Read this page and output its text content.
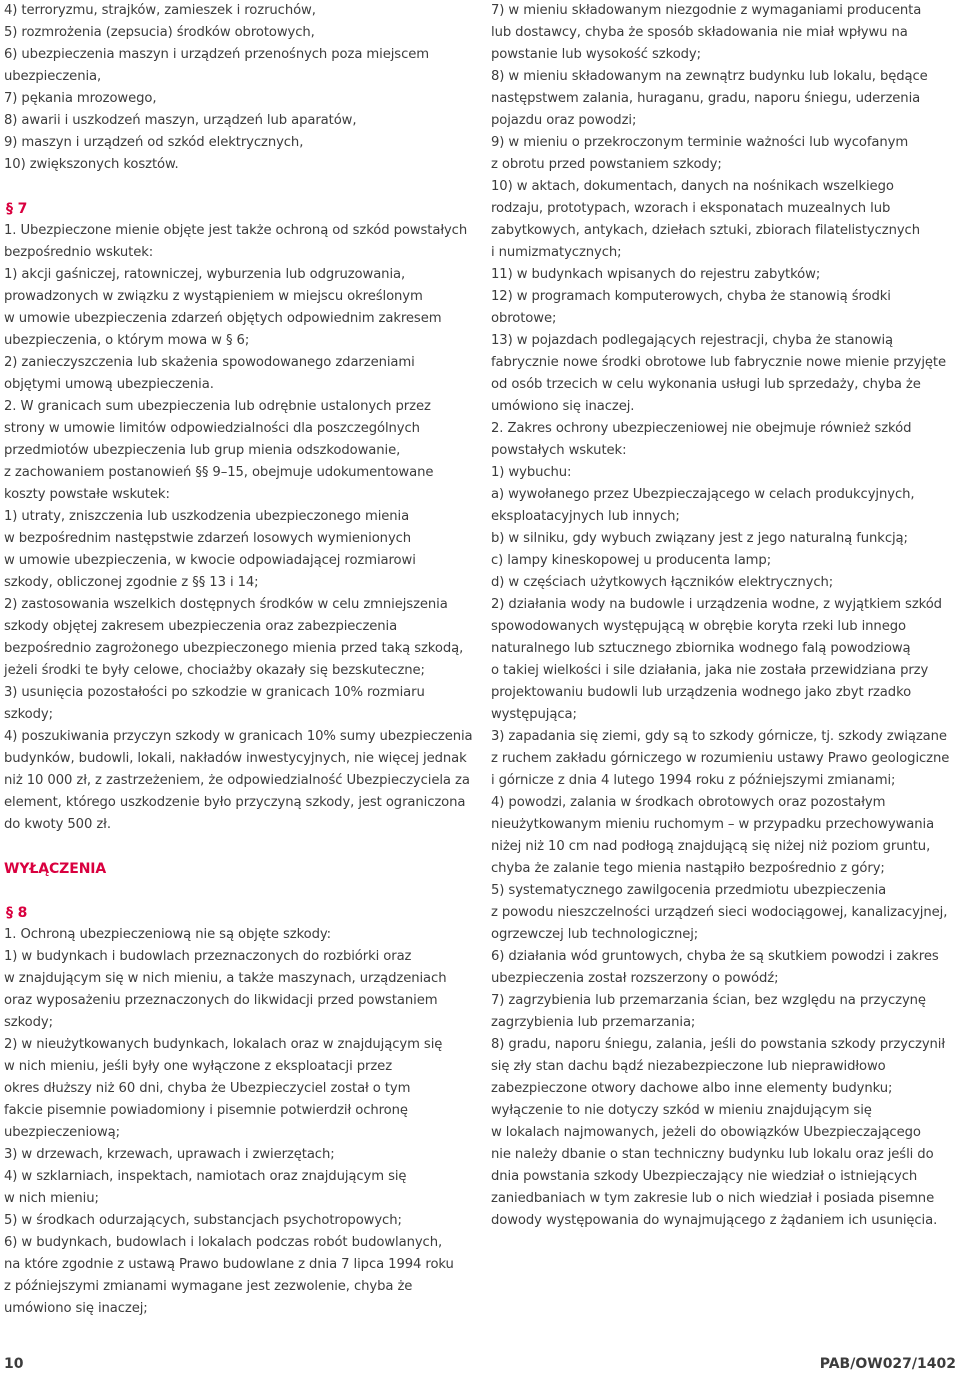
4) terroryzmu, strajków, zamieszek i rozruchów,
5) rozmrożenia (zepsucia) środków obrotowych,
6) ubezpieczenia maszyn i urządzeń przenośnych poza miejscem
ubezpieczenia,
7) pękania mrozowego,
8) awarii i uszkodzeń maszyn, urządzeń lub aparatów,
9) maszyn i urządzeń od szkód elektrycznych,
10) zwiększonych kosztów.
§ 7
1. Ubezpieczone mienie objęte jest także ochroną od szkód powstałych
bezpośrednio wskutek:
1) akcji gaśniczej, ratowniczej, wyburzenia lub odgruzowania,
prowadzonych w związku z wystąpieniem w miejscu określonym
w umowie ubezpieczenia zdarzeń objętych odpowiednim zakresem
ubezpieczenia, o którym mowa w § 6;
2) zanieczyszczenia lub skażenia spowodowanego zdarzeniami
objętymi umową ubezpieczenia.
2. W granicach sum ubezpieczenia lub odrębnie ustalonych przez
strony w umowie limitów odpowiedzialności dla poszczególnych
przedmiotów ubezpieczenia lub grup mienia odszkodowanie,
z zachowaniem postanowień §§ 9–15, obejmuje udokumentowane
koszty powstałe wskutek:
1) utraty, zniszczenia lub uszkodzenia ubezpieczonego mienia
w bezpośrednim następstwie zdarzeń losowych wymienionych
w umowie ubezpieczenia, w kwocie odpowiadającej rozmiarowi
szkody, obliczonej zgodnie z §§ 13 i 14;
2) zastosowania wszelkich dostępnych środków w celu zmniejszenia
szkody objętej zakresem ubezpieczenia oraz zabezpieczenia
bezpośrednio zagrożonego ubezpieczonego mienia przed taką szkodą,
jeżeli środki te były celowe, chociażby okazały się bezskuteczne;
3) usunięcia pozostałości po szkodzie w granicach 10% rozmiaru
szkody;
4) poszukiwania przyczyn szkody w granicach 10% sumy ubezpieczenia
budynków, budowli, lokali, nakładów inwestycyjnych, nie więcej jednak
niż 10 000 zł, z zastrzeżeniem, że odpowiedzialność Ubezpieczyciela za
element, którego uszkodzenie było przyczyną szkody, jest ograniczona
do kwoty 500 zł.
WYŁĄCZENIA
§ 8
1. Ochroną ubezpieczeniową nie są objęte szkody:
1) w budynkach i budowlach przeznaczonych do rozbiórki oraz
w znajdującym się w nich mieniu, a także maszynach, urządzeniach
oraz wyposażeniu przeznaczonych do likwidacji przed powstaniem
szkody;
2) w nieużytkowanych budynkach, lokalach oraz w znajdującym się
w nich mieniu, jeśli były one wyłączone z eksploatacji przez
okres dłuższy niż 60 dni, chyba że Ubezpieczyciel został o tym
fakcie pisemnie powiadomiony i pisemnie potwierdził ochronę
ubezpieczeniową;
3) w drzewach, krzewach, uprawach i zwierzętach;
4) w szklarniach, inspektach, namiotach oraz znajdującym się
w nich mieniu;
5) w środkach odurzających, substancjach psychotropowych;
6) w budynkach, budowlach i lokalach podczas robót budowlanych,
na które zgodnie z ustawą Prawo budowlane z dnia 7 lipca 1994 roku
z późniejszymi zmianami wymagane jest zezwolenie, chyba że
umówiono się inaczej;
7) w mieniu składowanym niezgodnie z wymaganiami producenta
lub dostawcy, chyba że sposób składowania nie miał wpływu na
powstanie lub wysokość szkody;
8) w mieniu składowanym na zewnątrz budynku lub lokalu, będące
następstwem zalania, huraganu, gradu, naporu śniegu, uderzenia
pojazdu oraz powodzi;
9) w mieniu o przekroczonym terminie ważności lub wycofanym
z obrotu przed powstaniem szkody;
10) w aktach, dokumentach, danych na nośnikach wszelkiego
rodzaju, prototypach, wzorach i eksponatach muzealnych lub
zabytkowych, antykach, dziełach sztuki, zbiorach filatelistycznych
i numizmatycznych;
11) w budynkach wpisanych do rejestru zabytków;
12) w programach komputerowych, chyba że stanowią środki
obrotowe;
13) w pojazdach podlegających rejestracji, chyba że stanowią
fabrycznie nowe środki obrotowe lub fabrycznie nowe mienie przyjęte
od osób trzecich w celu wykonania usługi lub sprzedaży, chyba że
umówiono się inaczej.
2. Zakres ochrony ubezpieczeniowej nie obejmuje również szkód
powstałych wskutek:
1) wybuchu:
a) wywołanego przez Ubezpieczającego w celach produkcyjnych,
eksploatacyjnych lub innych;
b) w silniku, gdy wybuch związany jest z jego naturalną funkcją;
c) lampy kineskopowej u producenta lamp;
d) w częściach użytkowych łączników elektrycznych;
2) działania wody na budowle i urządzenia wodne, z wyjątkiem szkód
spowodowanych występującą w obrębie koryta rzeki lub innego
naturalnego lub sztucznego zbiornika wodnego falą powodziową
o takiej wielkości i sile działania, jaka nie została przewidziana przy
projektowaniu budowli lub urządzenia wodnego jako zbyt rzadko
występująca;
3) zapadania się ziemi, gdy są to szkody górnicze, tj. szkody związane
z ruchem zakładu górniczego w rozumieniu ustawy Prawo geologiczne
i górnicze z dnia 4 lutego 1994 roku z późniejszymi zmianami;
4) powodzi, zalania w środkach obrotowych oraz pozostałym
nieużytkowanym mieniu ruchomym – w przypadku przechowywania
niżej niż 10 cm nad podłogą znajdującą się niżej niż poziom gruntu,
chyba że zalanie tego mienia nastąpiło bezpośrednio z góry;
5) systematycznego zawilgocenia przedmiotu ubezpieczenia
z powodu nieszczelności urządzeń sieci wodociągowej, kanalizacyjnej,
ogrzewczej lub technologicznej;
6) działania wód gruntowych, chyba że są skutkiem powodzi i zakres
ubezpieczenia został rozszerzony o powódź;
7) zagrzybienia lub przemarzania ścian, bez względu na przyczynę
zagrzybienia lub przemarzania;
8) gradu, naporu śniegu, zalania, jeśli do powstania szkody przyczynił
się zły stan dachu bądź niezabezpieczone lub nieprawidłowo
zabezpieczone otwory dachowe albo inne elementy budynku;
wyłączenie to nie dotyczy szkód w mieniu znajdującym się
w lokalach najmowanych, jeżeli do obowiązków Ubezpieczającego
nie należy dbanie o stan techniczny budynku lub lokalu oraz jeśli do
dnia powstania szkody Ubezpieczający nie wiedział o istniejących
zaniedbaniach w tym zakresie lub o nich wiedział i posiada pisemne
dowody występowania do wynajmującego z żądaniem ich usunięcia.
10	PAB/OW027/1402
